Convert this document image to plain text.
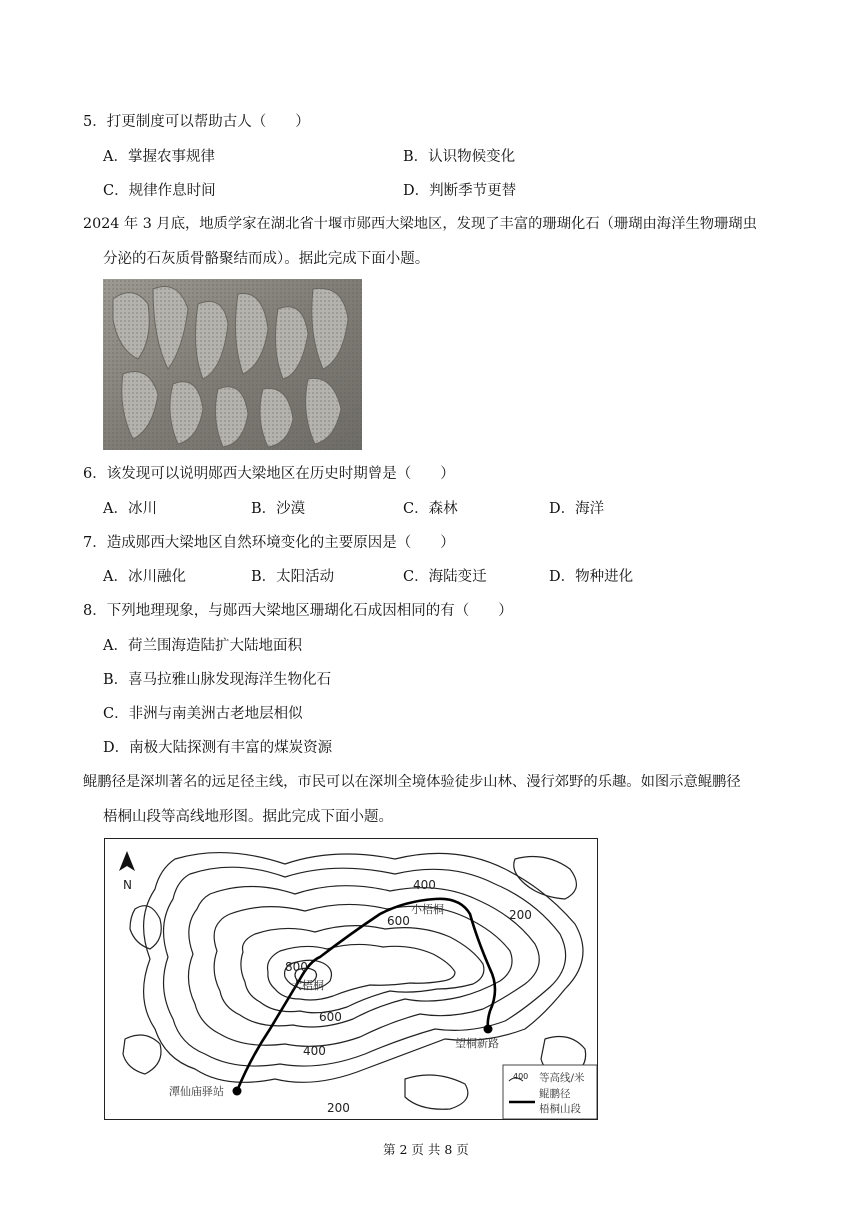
5．打更制度可以帮助古人（　　）
A．掌握农事规律	B．认识物候变化
C．规律作息时间	D．判断季节更替
2024 年 3 月底，地质学家在湖北省十堰市郧西大梁地区，发现了丰富的珊瑚化石（珊瑚由海洋生物珊瑚虫
分泌的石灰质骨骼聚结而成）。据此完成下面小题。
6．该发现可以说明郧西大梁地区在历史时期曾是（　　）
A．冰川	B．沙漠	C．森林	D．海洋
7．造成郧西大梁地区自然环境变化的主要原因是（　　）
A．冰川融化	B．太阳活动	C．海陆变迁	D．物种进化
8．下列地理现象，与郧西大梁地区珊瑚化石成因相同的有（　　）
A．荷兰围海造陆扩大陆地面积
B．喜马拉雅山脉发现海洋生物化石
C．非洲与南美洲古老地层相似
D．南极大陆探测有丰富的煤炭资源
鲲鹏径是深圳著名的远足径主线，市民可以在深圳全境体验徒步山林、漫行郊野的乐趣。如图示意鲲鹏径
梧桐山段等高线地形图。据此完成下面小题。
N	400
600
小梧桐	200
800
大梧桐
600
400
200
望桐新路
潭仙庙驿站
400 等高线/米
鲲鹏径
梧桐山段
第 2 页 共 8 页
